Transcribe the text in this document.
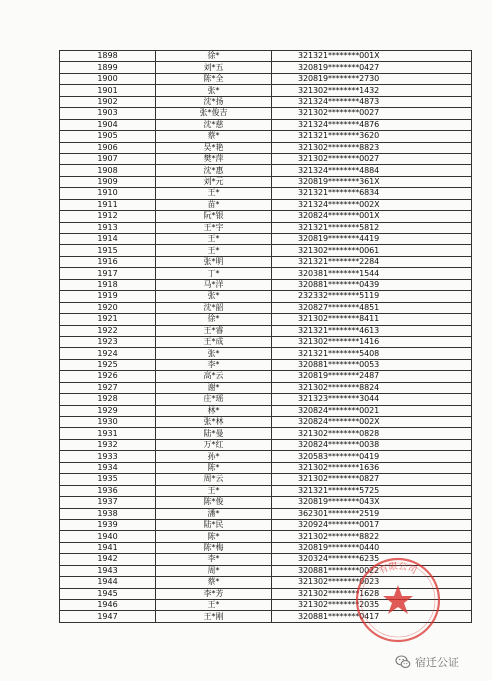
1898	徐*	321321********001X
1899	刘*五	320819********0427
1900	陈*全	320819********2730
1901	张*	321302********1432
1902	沈*扬	321324********4873
1903	张*俊吉	321302********0027
1904	沈*慈	321324********4876
1905	蔡*	321321********3620
1906	吴*艳	321302********8823
1907	樊*萍	321302********0027
1908	沈*惠	321324********4884
1909	刘*元	320819********361X
1910	王*	321321********6834
1911	苗*	321324********002X
1912	阮*银	320824********001X
1913	王*宇	321321********5812
1914	王*	320819********4419
1915	王*	321302********0061
1916	张*明	321321********2284
1917	丁*	320381********1544
1918	马*洋	320881********0439
1919	张*	232332********5119
1920	沈*韶	320827********4851
1921	徐*	321302********8411
1922	王*睿	321321********4613
1923	王*成	321302********1416
1924	张*	321321********5408
1925	李*	320881********0053
1926	高*云	320819********2487
1927	谢*	321302********8824
1928	庄*瑶	321323********3044
1929	林*	320824********0021
1930	张*林	320824********002X
1931	陆*曼	321302********0828
1932	万*红	320824********0038
1933	孙*	320583********0419
1934	陈*	321302********1636
1935	周*云	321302********0827
1936	王*	321321********5725
1937	陈*俊	320819********043X
1938	潘*	362301********2519
1939	陆*民	320924********0017
1940	陈*	321302********8822
1941	陈*梅	320819********0440
1942	李*	320324********6235
1943	周*	320881********0022
1944	蔡*	321302********0023
1945	李*芳	321302********1628
1946	王*	321302********2035
1947	王*刚	320881********0417
有限公司
宿迁公证
